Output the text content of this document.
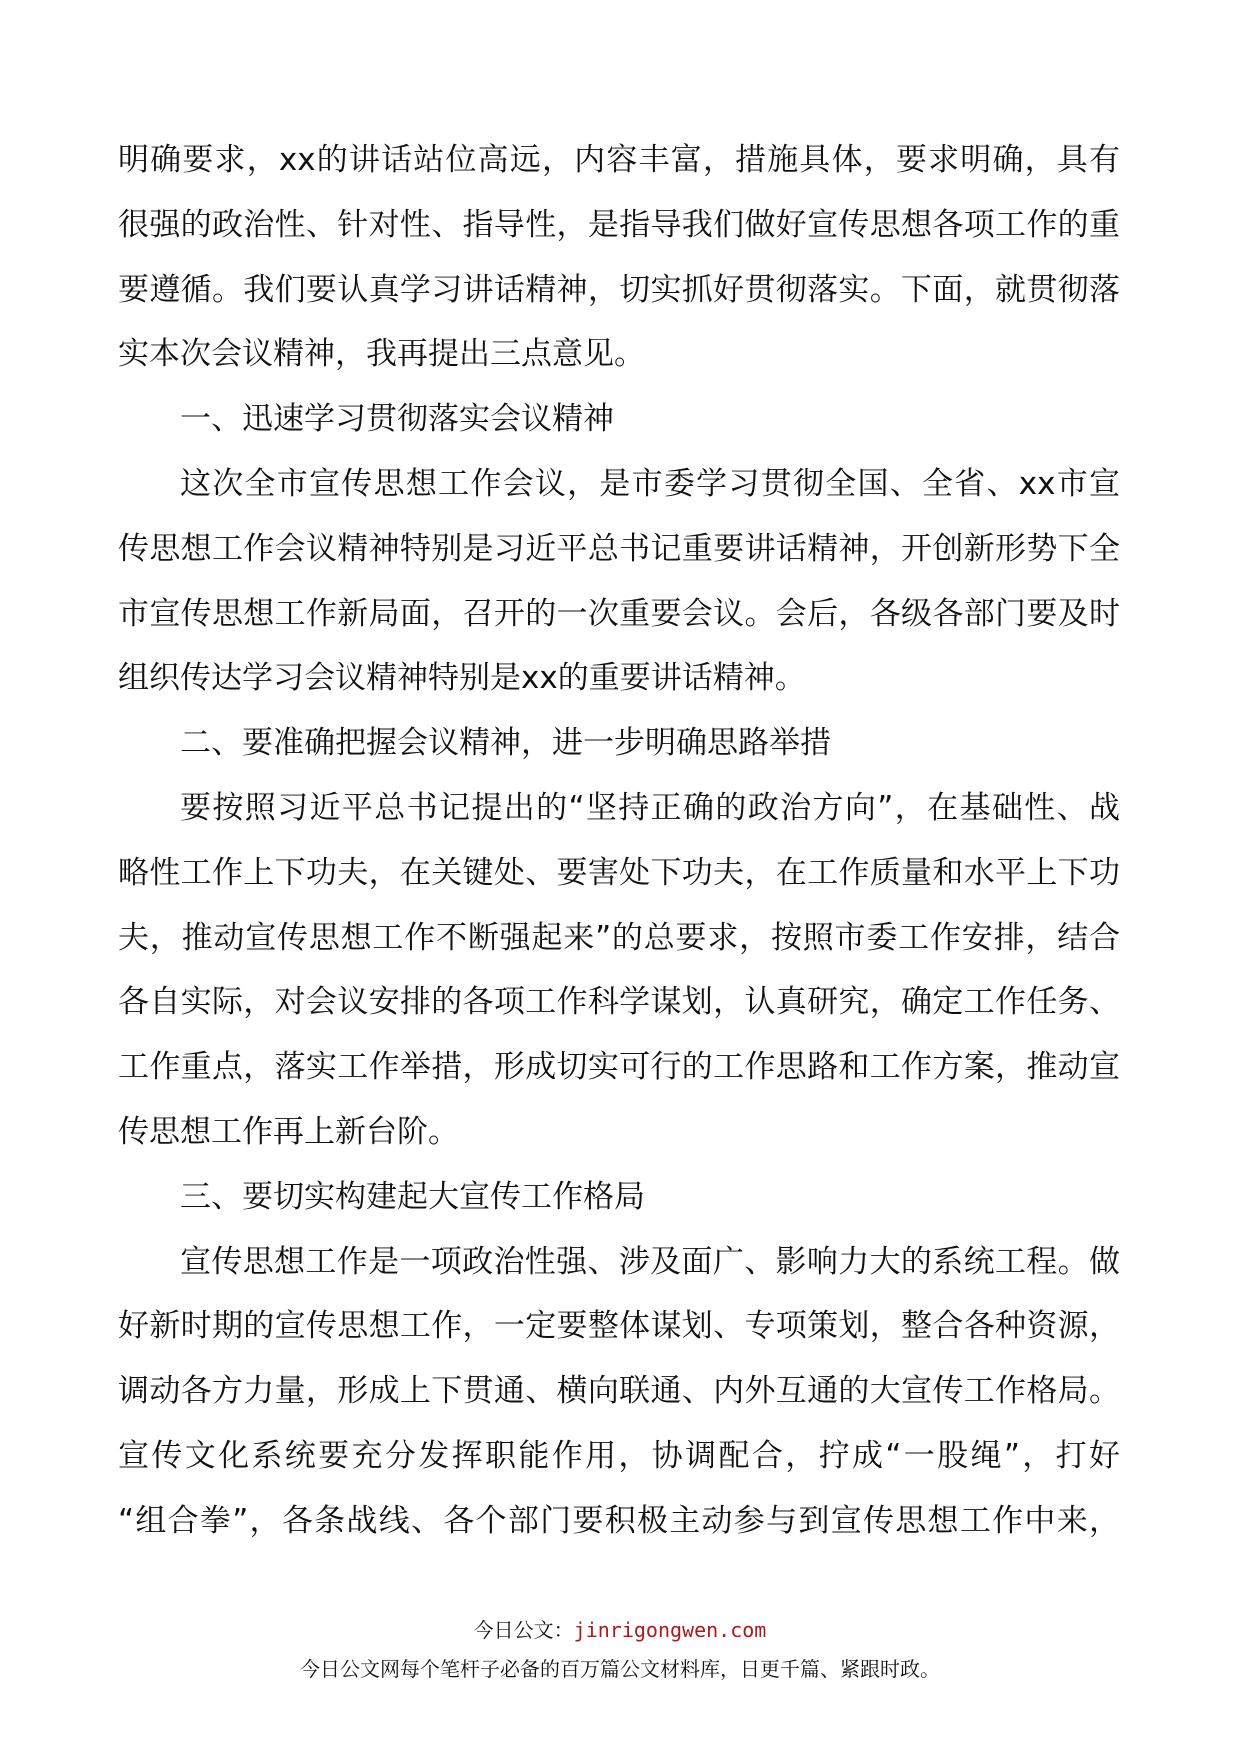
明确要求，xx的讲话站位高远，内容丰富，措施具体，要求明确，具有
很强的政治性、针对性、指导性，是指导我们做好宣传思想各项工作的重
要遵循。我们要认真学习讲话精神，切实抓好贯彻落实。下面，就贯彻落
实本次会议精神，我再提出三点意见。
一、迅速学习贯彻落实会议精神
这次全市宣传思想工作会议，是市委学习贯彻全国、全省、xx市宣
传思想工作会议精神特别是习近平总书记重要讲话精神，开创新形势下全
市宣传思想工作新局面，召开的一次重要会议。会后，各级各部门要及时
组织传达学习会议精神特别是xx的重要讲话精神。
二、要准确把握会议精神，进一步明确思路举措
要按照习近平总书记提出的“坚持正确的政治方向”，在基础性、战
略性工作上下功夫，在关键处、要害处下功夫，在工作质量和水平上下功
夫，推动宣传思想工作不断强起来”的总要求，按照市委工作安排，结合
各自实际，对会议安排的各项工作科学谋划，认真研究，确定工作任务、
工作重点，落实工作举措，形成切实可行的工作思路和工作方案，推动宣
传思想工作再上新台阶。
三、要切实构建起大宣传工作格局
宣传思想工作是一项政治性强、涉及面广、影响力大的系统工程。做
好新时期的宣传思想工作，一定要整体谋划、专项策划，整合各种资源，
调动各方力量，形成上下贯通、横向联通、内外互通的大宣传工作格局。
宣传文化系统要充分发挥职能作用，协调配合，拧成“一股绳”，打好
“组合拳”，各条战线、各个部门要积极主动参与到宣传思想工作中来，
今日公文：jinrigongwen.com
今日公文网每个笔杆子必备的百万篇公文材料库，日更千篇、紧跟时政。
